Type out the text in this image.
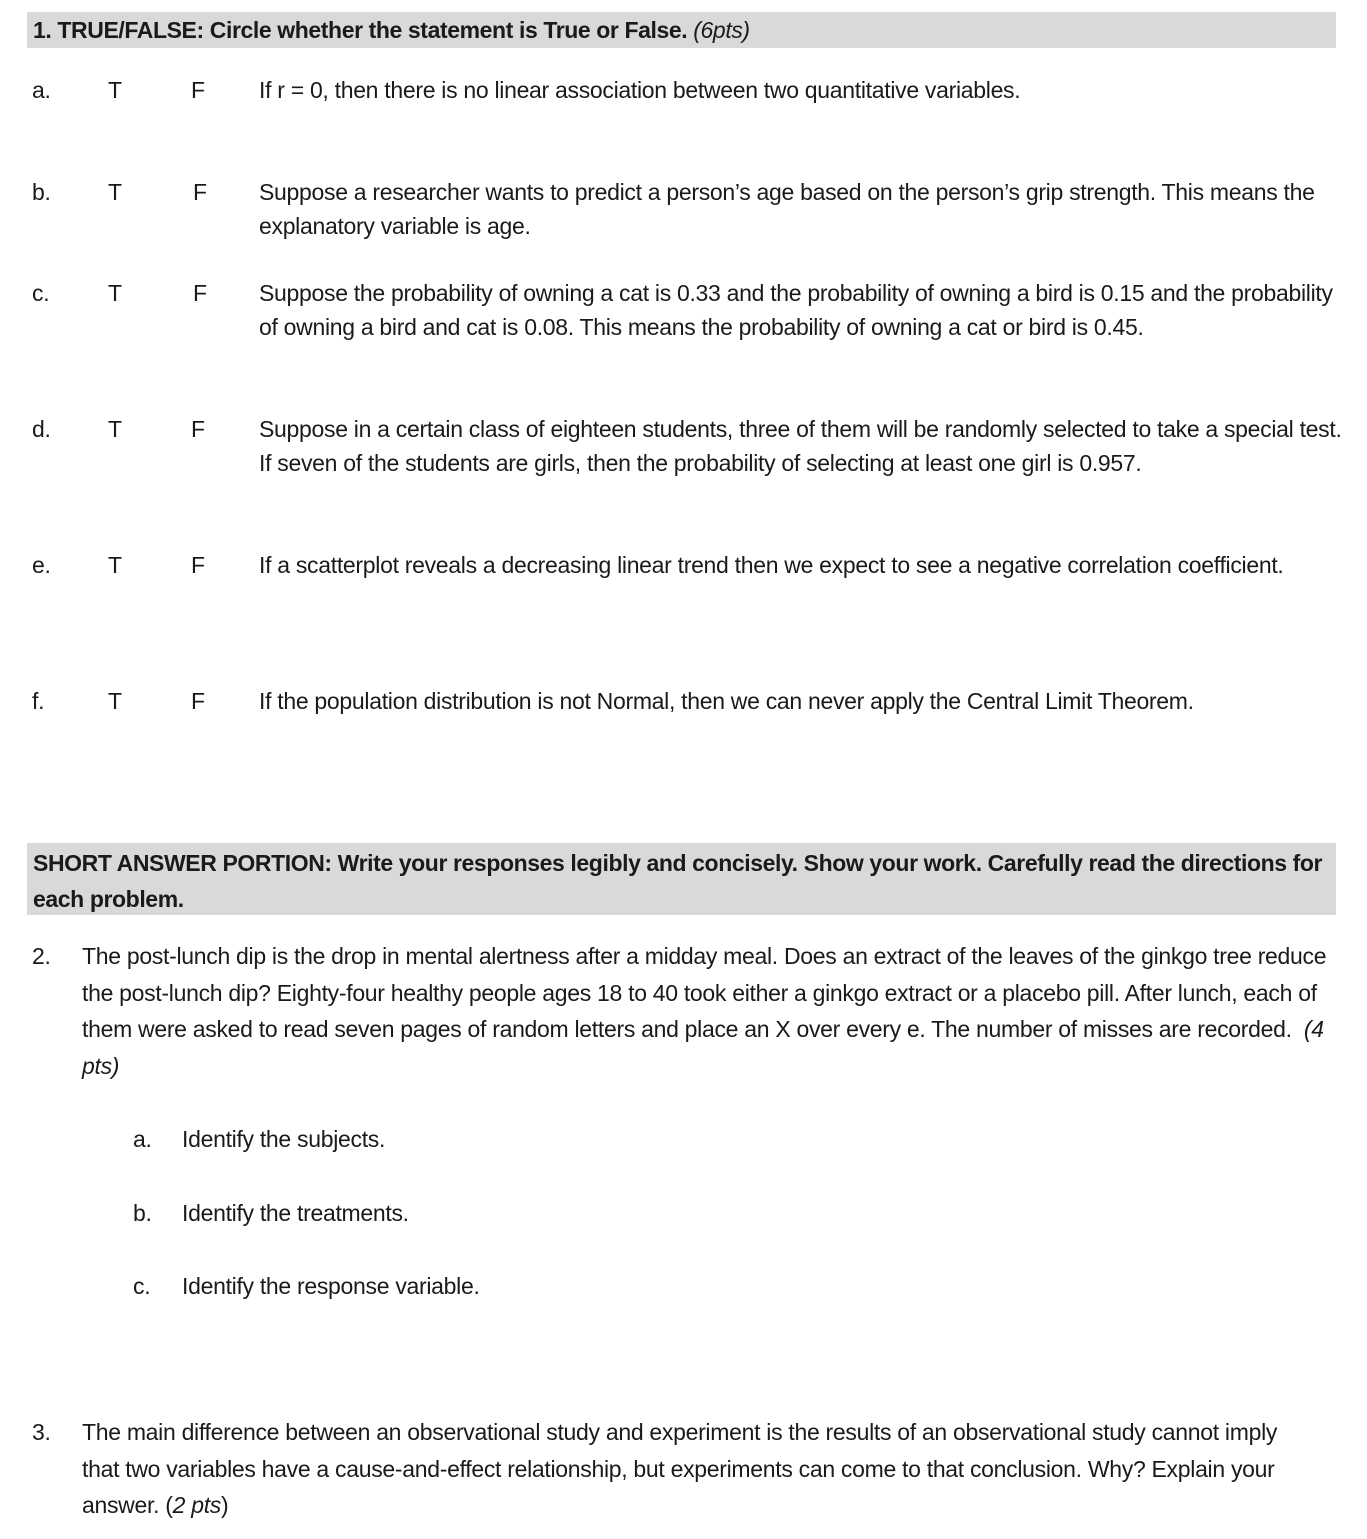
1. TRUE/FALSE: Circle whether the statement is True or False. (6pts)
a. T	F	If r = 0, then there is no linear association between two quantitative variables.
b. T	F	Suppose a researcher wants to predict a person’s age based on the person’s grip strength. This means the explanatory variable is age.
c.	T	F	Suppose the probability of owning a cat is 0.33 and the probability of owning a bird is 0.15 and the probability of owning a bird and cat is 0.08. This means the probability of owning a cat or bird is 0.45.
d. T	F	Suppose in a certain class of eighteen students, three of them will be randomly selected to take a special test. If seven of the students are girls, then the probability of selecting at least one girl is 0.957.
e. T	F	If a scatterplot reveals a decreasing linear trend then we expect to see a negative correlation coefficient.
f.	T	F	If the population distribution is not Normal, then we can never apply the Central Limit Theorem.
SHORT ANSWER PORTION: Write your responses legibly and concisely. Show your work. Carefully read the directions for each problem.
2. The post-lunch dip is the drop in mental alertness after a midday meal. Does an extract of the leaves of the ginkgo tree reduce the post-lunch dip? Eighty-four healthy people ages 18 to 40 took either a ginkgo extract or a placebo pill. After lunch, each of them were asked to read seven pages of random letters and place an X over every e. The number of misses are recorded. (4 pts)
a. Identify the subjects.
b. Identify the treatments.
c. Identify the response variable.
3. The main difference between an observational study and experiment is the results of an observational study cannot imply that two variables have a cause-and-effect relationship, but experiments can come to that conclusion. Why? Explain your answer. (2 pts)
